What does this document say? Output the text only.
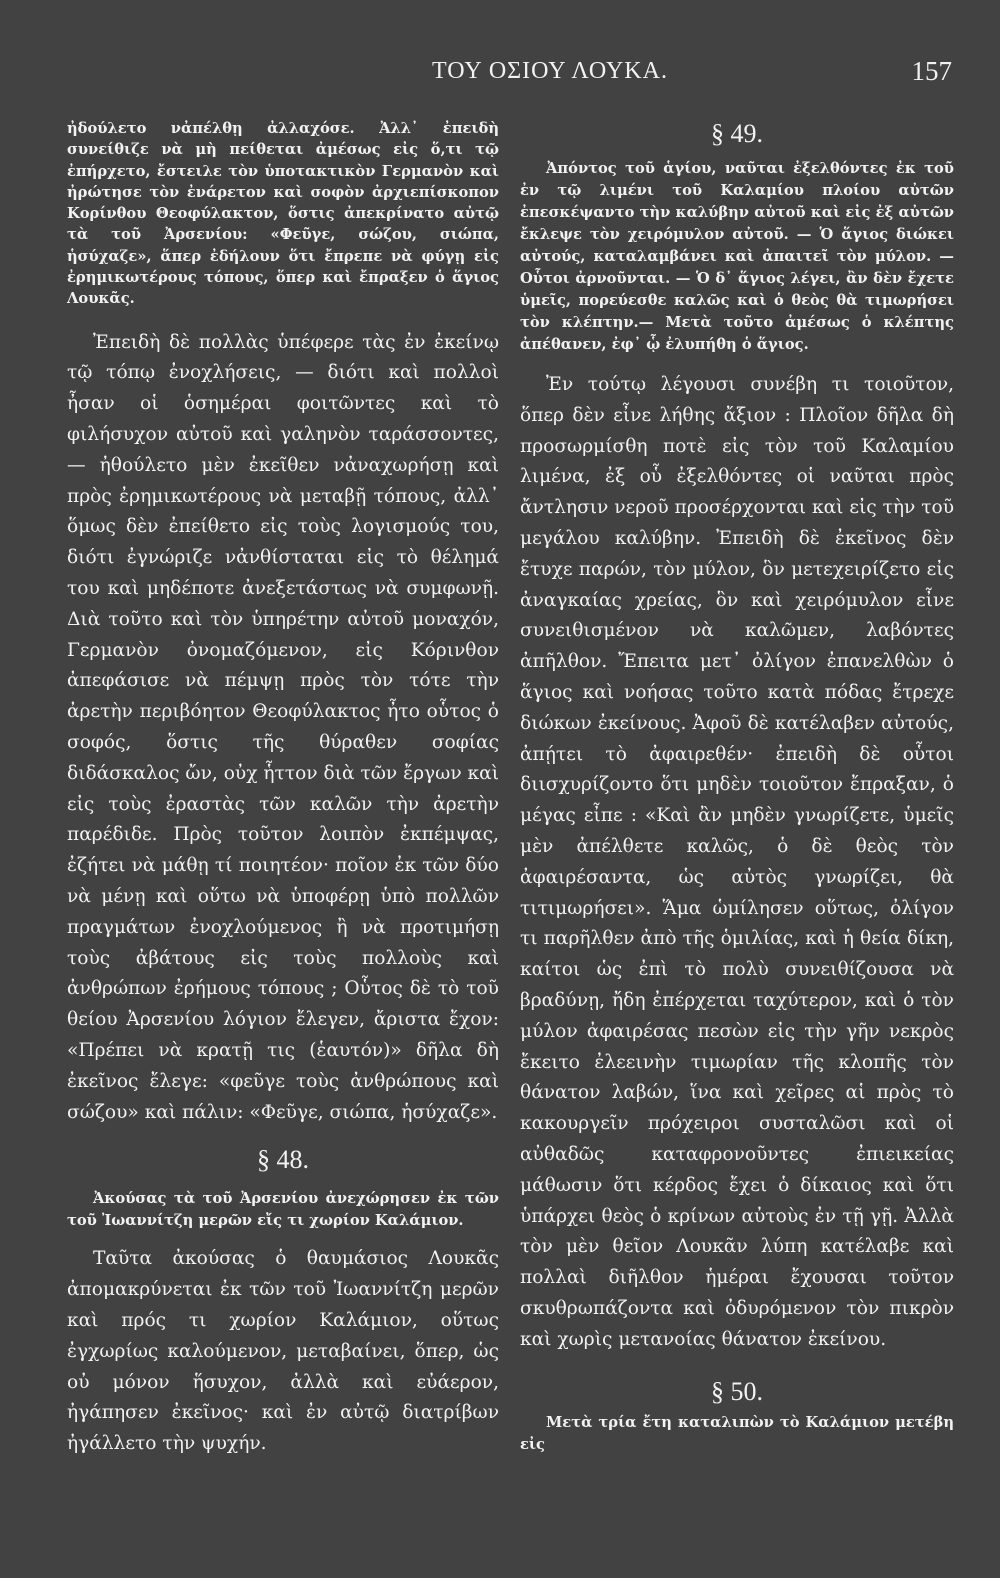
ΤΟΥ ΟΣΙΟΥ ΛΟΥΚΑ.	157

ἠδούλετο νἀπέλθῃ ἀλλαχόσε. Ἀλλ᾽ ἐπειδὴ συνείθιζε νὰ μὴ πείθεται ἀμέσως εἰς ὅ,τι τῷ ἐπήρχετο, ἔστειλε τὸν ὑποτακτικὸν Γερμανὸν καὶ ἠρώτησε τὸν ἐνάρετον καὶ σοφὸν ἀρχιεπίσκοπον Κορίνθου Θεοφύλακτον, ὅστις ἀπεκρίνατο αὐτῷ τὰ τοῦ Ἀρσενίου: «Φεῦγε, σώζου, σιώπα, ἡσύχαζε», ἅπερ ἐδήλουν ὅτι ἔπρεπε νὰ φύγῃ εἰς ἐρημικωτέρους τόπους, ὅπερ καὶ ἔπραξεν ὁ ἅγιος Λουκᾶς.

Ἐπειδὴ δὲ πολλὰς ὑπέφερε τὰς ἐν ἐκείνῳ τῷ τόπῳ ἐνοχλήσεις, — διότι καὶ πολλοὶ ἦσαν οἱ ὁσημέραι φοιτῶντες καὶ τὸ φιλήσυχον αὐτοῦ καὶ γαληνὸν ταράσσοντες,— ἠθούλετο μὲν ἐκεῖθεν νἀναχωρήσῃ καὶ πρὸς ἐρημικωτέρους νὰ μεταβῇ τόπους, ἀλλ᾽ ὅμως δὲν ἐπείθετο εἰς τοὺς λογισμούς του, διότι ἐγνώριζε νἀνθίσταται εἰς τὸ θέλημά του καὶ μηδέποτε ἀνεξετάστως νὰ συμφωνῇ. Διὰ τοῦτο καὶ τὸν ὑπηρέτην αὐτοῦ μοναχόν, Γερμανὸν ὀνομαζόμενον, εἰς Κόρινθον ἀπεφάσισε νὰ πέμψῃ πρὸς τὸν τότε τὴν ἀρετὴν περιβόητον Θεοφύλακτος ἦτο οὗτος ὁ σοφός, ὅστις τῆς θύραθεν σοφίας διδάσκαλος ὤν, οὐχ ἧττον διὰ τῶν ἔργων καὶ εἰς τοὺς ἐραστὰς τῶν καλῶν τὴν ἀρετὴν παρέδιδε. Πρὸς τοῦτον λοιπὸν ἐκπέμψας, ἐζήτει νὰ μάθῃ τί ποιητέον· ποῖον ἐκ τῶν δύο νὰ μένῃ καὶ οὕτω νὰ ὑποφέρῃ ὑπὸ πολλῶν πραγμάτων ἐνοχλούμενος ἢ νὰ προτιμήσῃ τοὺς ἀβάτους εἰς τοὺς πολλοὺς καὶ ἀνθρώπων ἐρήμους τόπους ; Οὗτος δὲ τὸ τοῦ θείου Ἀρσενίου λόγιον ἔλεγεν, ἄριστα ἔχον: «Πρέπει νὰ κρατῇ τις (ἑαυτόν)» δῆλα δὴ ἐκεῖνος ἔλεγε: «φεῦγε τοὺς ἀνθρώπους καὶ σώζου» καὶ πάλιν: «Φεῦγε, σιώπα, ἡσύχαζε».

§ 48.

Ἀκούσας τὰ τοῦ Ἀρσενίου ἀνεχώρησεν ἐκ τῶν τοῦ Ἰωαννίτζη μερῶν εἴς τι χωρίον Καλάμιον.

Ταῦτα ἀκούσας ὁ θαυμάσιος Λουκᾶς ἀπομακρύνεται ἐκ τῶν τοῦ Ἰωαννίτζη μερῶν καὶ πρός τι χωρίον Καλάμιον, οὕτως ἐγχωρίως καλούμενον, μεταβαίνει, ὅπερ, ὡς οὐ μόνον ἥσυχον, ἀλλὰ καὶ εὐάερον, ἠγάπησεν ἐκεῖνος· καὶ ἐν αὐτῷ διατρίβων ἠγάλλετο τὴν ψυχήν.

§ 49.

Ἀπόντος τοῦ ἁγίου, ναῦται ἐξελθόντες ἐκ τοῦ ἐν τῷ λιμένι τοῦ Καλαμίου πλοίου αὐτῶν ἐπεσκέψαντο τὴν καλύβην αὐτοῦ καὶ εἰς ἐξ αὐτῶν ἔκλεψε τὸν χειρόμυλον αὐτοῦ. — Ὁ ἅγιος διώκει αὐτούς, καταλαμβάνει καὶ ἀπαιτεῖ τὸν μύλον. — Οὗτοι ἀρνοῦνται. — Ὁ δ᾽ ἅγιος λέγει, ἂν δὲν ἔχετε ὑμεῖς, πορεύεσθε καλῶς καὶ ὁ θεὸς θὰ τιμωρήσει τὸν κλέπτην.— Μετὰ τοῦτο ἀμέσως ὁ κλέπτης ἀπέθανεν, ἐφ᾽ ᾧ ἐλυπήθη ὁ ἅγιος.

Ἐν τούτῳ λέγουσι συνέβη τι τοιοῦτον, ὅπερ δὲν εἶνε λήθης ἄξιον : Πλοῖον δῆλα δὴ προσωρμίσθη ποτὲ εἰς τὸν τοῦ Καλαμίου λιμένα, ἐξ οὗ ἐξελθόντες οἱ ναῦται πρὸς ἄντλησιν νεροῦ προσέρχονται καὶ εἰς τὴν τοῦ μεγάλου καλύβην. Ἐπειδὴ δὲ ἐκεῖνος δὲν ἔτυχε παρών, τὸν μύλον, ὃν μετεχειρίζετο εἰς ἀναγκαίας χρείας, ὃν καὶ χειρόμυλον εἶνε συνειθισμένον νὰ καλῶμεν, λαβόντες ἀπῆλθον. Ἔπειτα μετ᾽ ὀλίγον ἐπανελθὼν ὁ ἅγιος καὶ νοήσας τοῦτο κατὰ πόδας ἔτρεχε διώκων ἐκείνους. Ἀφοῦ δὲ κατέλαβεν αὐτούς, ἀπῄτει τὸ ἀφαιρεθέν· ἐπειδὴ δὲ οὗτοι διισχυρίζοντο ὅτι μηδὲν τοιοῦτον ἔπραξαν, ὁ μέγας εἶπε : «Καὶ ἂν μηδὲν γνωρίζετε, ὑμεῖς μὲν ἀπέλθετε καλῶς, ὁ δὲ θεὸς τὸν ἀφαιρέσαντα, ὡς αὐτὸς γνωρίζει, θὰ τιτιμωρήσει». Ἅμα ὡμίλησεν οὕτως, ὀλίγον τι παρῆλθεν ἀπὸ τῆς ὁμιλίας, καὶ ἡ θεία δίκη, καίτοι ὡς ἐπὶ τὸ πολὺ συνειθίζουσα νὰ βραδύνῃ, ἤδη ἐπέρχεται ταχύτερον, καὶ ὁ τὸν μύλον ἀφαιρέσας πεσὼν εἰς τὴν γῆν νεκρὸς ἔκειτο ἐλεεινὴν τιμωρίαν τῆς κλοπῆς τὸν θάνατον λαβών, ἵνα καὶ χεῖρες αἱ πρὸς τὸ κακουργεῖν πρόχειροι συσταλῶσι καὶ οἱ αὐθαδῶς καταφρονοῦντες ἐπιεικείας μάθωσιν ὅτι κέρδος ἔχει ὁ δίκαιος καὶ ὅτι ὑπάρχει θεὸς ὁ κρίνων αὐτοὺς ἐν τῇ γῇ. Ἀλλὰ τὸν μὲν θεῖον Λουκᾶν λύπη κατέλαβε καὶ πολλαὶ διῆλθον ἡμέραι ἔχουσαι τοῦτον σκυθρωπάζοντα καὶ ὀδυρόμενον τὸν πικρὸν καὶ χωρὶς μετανοίας θάνατον ἐκείνου.

§ 50.

Μετὰ τρία ἔτη καταλιπὼν τὸ Καλάμιον μετέβη εἰς
